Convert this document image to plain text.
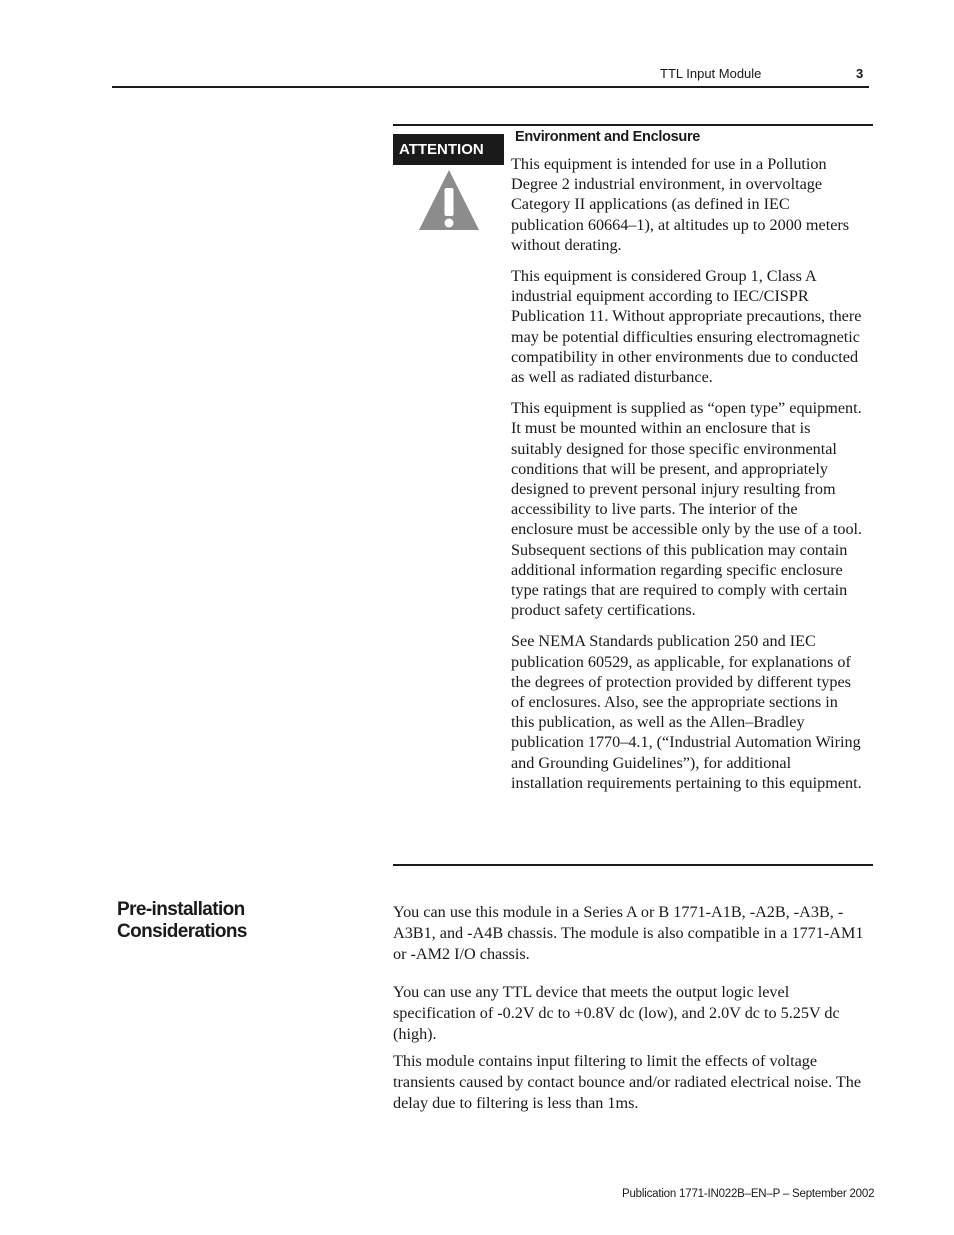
TTL Input Module	3
ATTENTION
Environment and Enclosure

This equipment is intended for use in a Pollution Degree 2 industrial environment, in overvoltage Category II applications (as defined in IEC publication 60664–1), at altitudes up to 2000 meters without derating.

This equipment is considered Group 1, Class A industrial equipment according to IEC/CISPR Publication 11. Without appropriate precautions, there may be potential difficulties ensuring electromagnetic compatibility in other environments due to conducted as well as radiated disturbance.

This equipment is supplied as “open type” equipment. It must be mounted within an enclosure that is suitably designed for those specific environmental conditions that will be present, and appropriately designed to prevent personal injury resulting from accessibility to live parts. The interior of the enclosure must be accessible only by the use of a tool. Subsequent sections of this publication may contain additional information regarding specific enclosure type ratings that are required to comply with certain product safety certifications.

See NEMA Standards publication 250 and IEC publication 60529, as applicable, for explanations of the degrees of protection provided by different types of enclosures. Also, see the appropriate sections in this publication, as well as the Allen–Bradley publication 1770–4.1, (“Industrial Automation Wiring and Grounding Guidelines”), for additional installation requirements pertaining to this equipment.

Pre-installation Considerations

You can use this module in a Series A or B 1771-A1B, -A2B, -A3B, -A3B1, and -A4B chassis. The module is also compatible in a 1771-AM1 or -AM2 I/O chassis.

You can use any TTL device that meets the output logic level specification of -0.2V dc to +0.8V dc (low), and 2.0V dc to 5.25V dc (high).

This module contains input filtering to limit the effects of voltage transients caused by contact bounce and/or radiated electrical noise. The delay due to filtering is less than 1ms.

Publication 1771-IN022B–EN–P – September 2002
